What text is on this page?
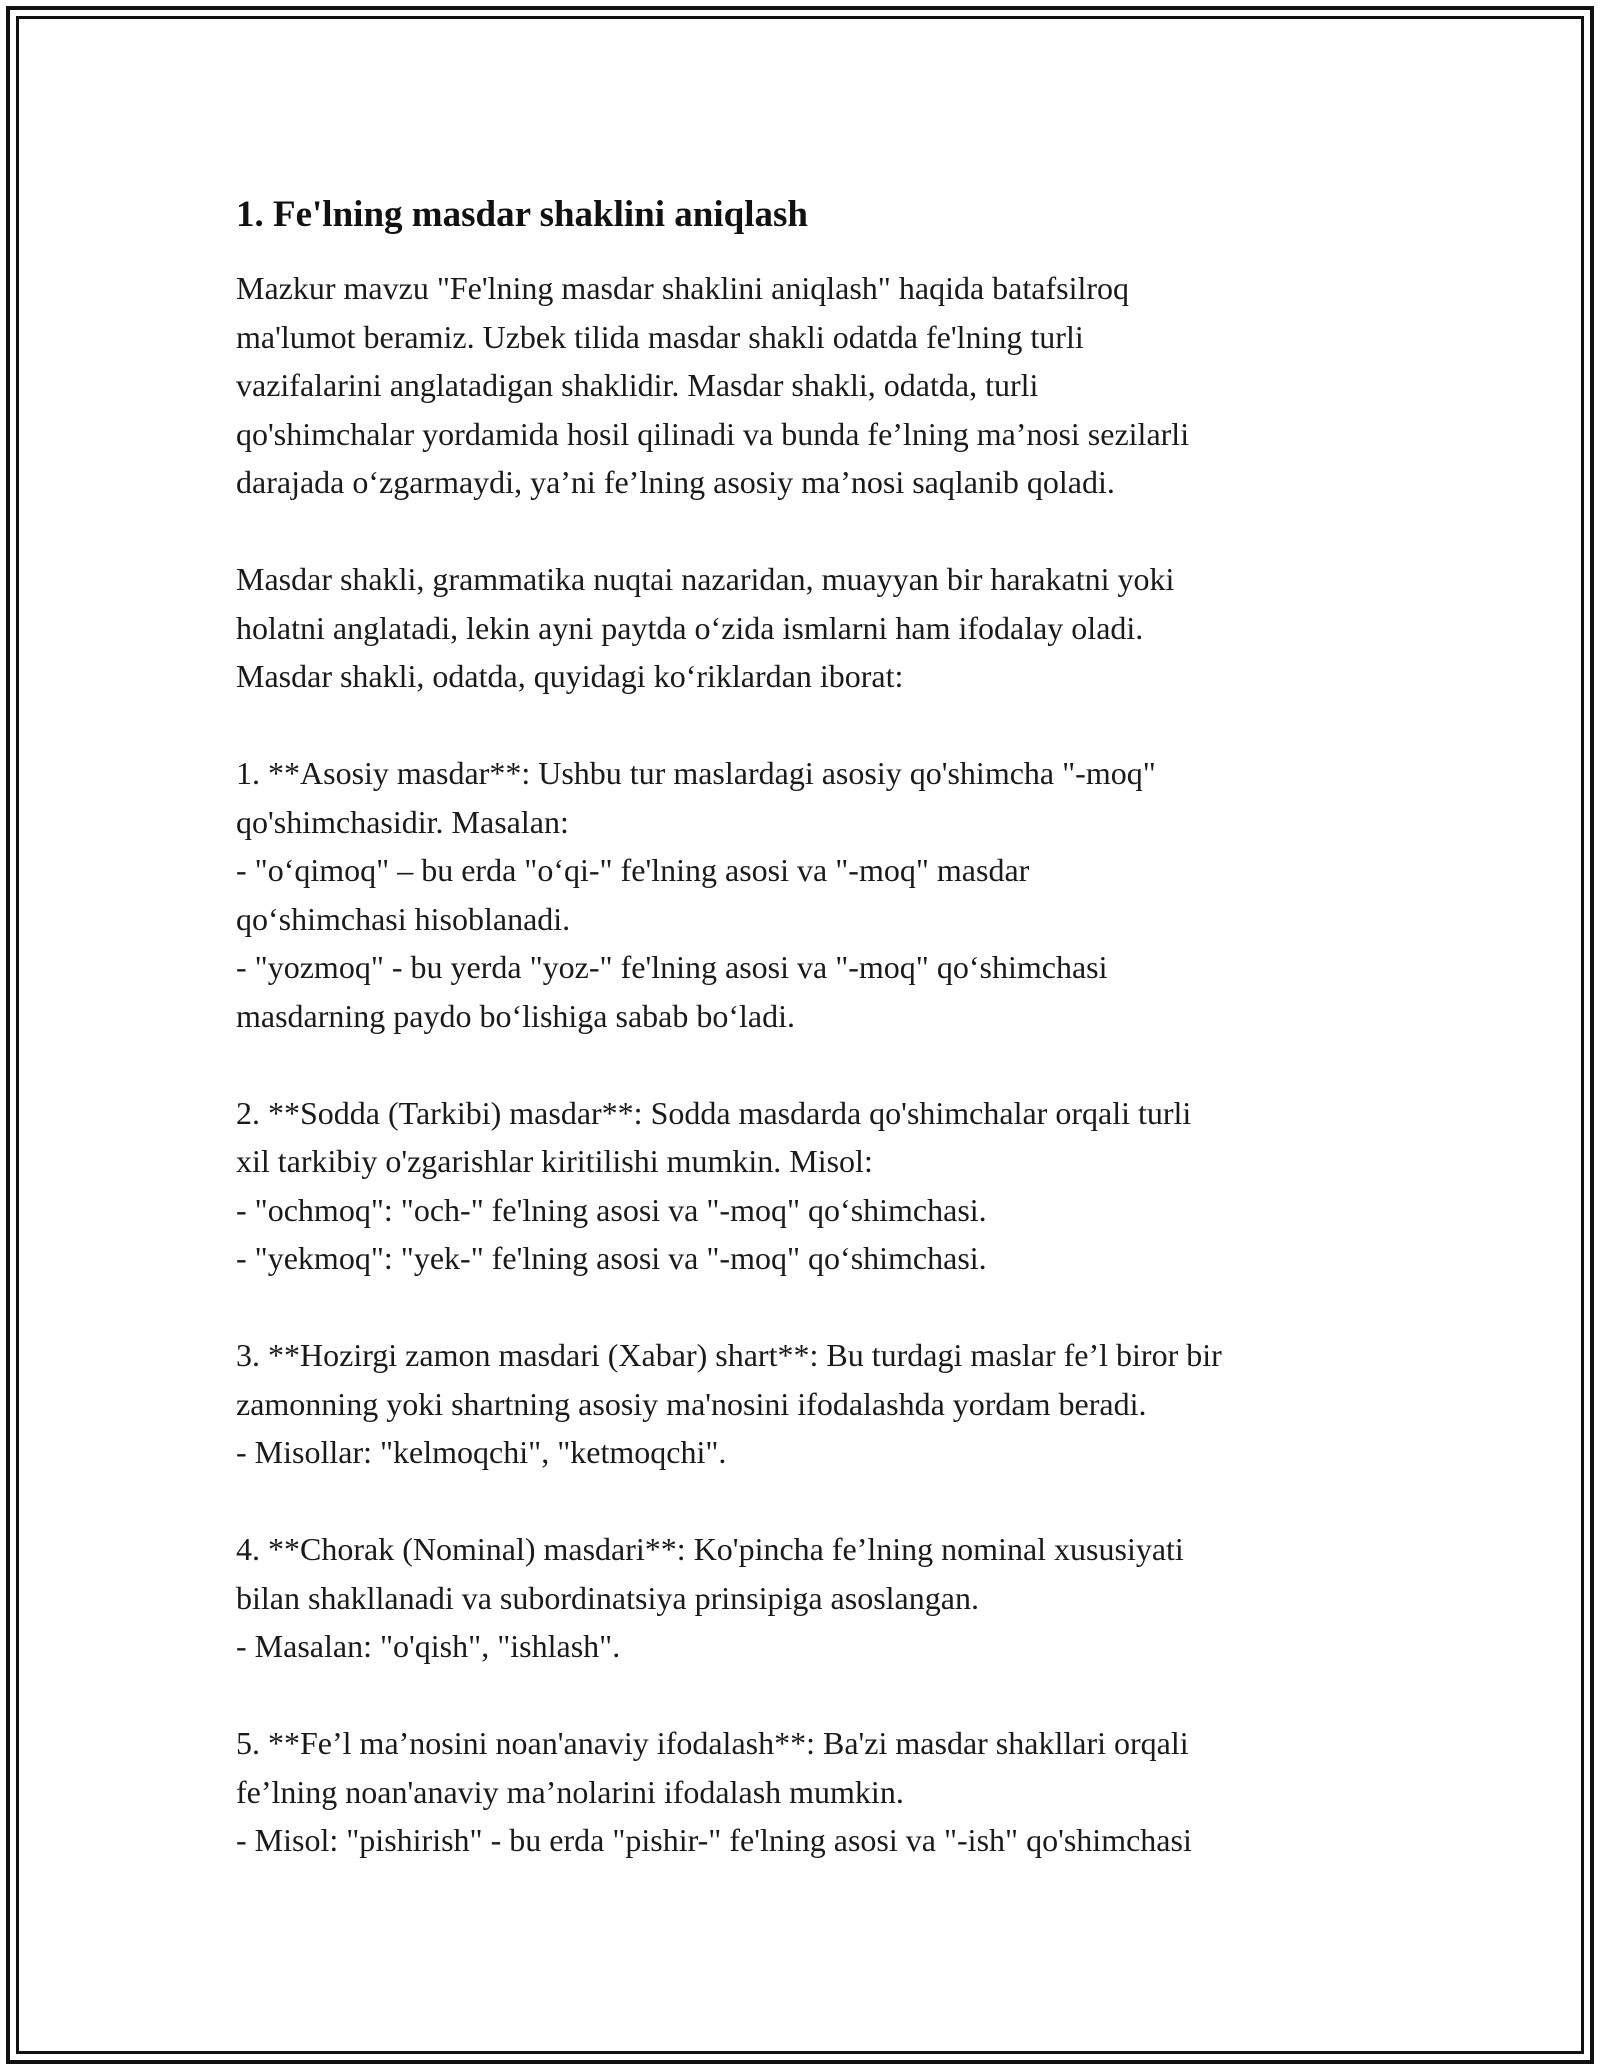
1. Fe'lning masdar shaklini aniqlash

Mazkur mavzu "Fe'lning masdar shaklini aniqlash" haqida batafsilroq
ma'lumot beramiz. Uzbek tilida masdar shakli odatda fe'lning turli
vazifalarini anglatadigan shaklidir. Masdar shakli, odatda, turli
qo'shimchalar yordamida hosil qilinadi va bunda fe’lning ma’nosi sezilarli
darajada o‘zgarmaydi, ya’ni fe’lning asosiy ma’nosi saqlanib qoladi.

Masdar shakli, grammatika nuqtai nazaridan, muayyan bir harakatni yoki
holatni anglatadi, lekin ayni paytda o‘zida ismlarni ham ifodalay oladi.
Masdar shakli, odatda, quyidagi ko‘riklardan iborat:

1. **Asosiy masdar**: Ushbu tur maslardagi asosiy qo'shimcha "-moq"
qo'shimchasidir. Masalan:
- "o‘qimoq" – bu erda "o‘qi-" fe'lning asosi va "-moq" masdar
qo‘shimchasi hisoblanadi.
- "yozmoq" - bu yerda "yoz-" fe'lning asosi va "-moq" qo‘shimchasi
masdarning paydo bo‘lishiga sabab bo‘ladi.

2. **Sodda (Tarkibi) masdar**: Sodda masdarda qo'shimchalar orqali turli
xil tarkibiy o'zgarishlar kiritilishi mumkin. Misol:
- "ochmoq": "och-" fe'lning asosi va "-moq" qo‘shimchasi.
- "yekmoq": "yek-" fe'lning asosi va "-moq" qo‘shimchasi.

3. **Hozirgi zamon masdari (Xabar) shart**: Bu turdagi maslar fe’l biror bir
zamonning yoki shartning asosiy ma'nosini ifodalashda yordam beradi.
- Misollar: "kelmoqchi", "ketmoqchi".

4. **Chorak (Nominal) masdari**: Ko'pincha fe’lning nominal xususiyati
bilan shakllanadi va subordinatsiya prinsipiga asoslangan.
- Masalan: "o'qish", "ishlash".

5. **Fe’l ma’nosini noan'anaviy ifodalash**: Ba'zi masdar shakllari orqali
fe’lning noan'anaviy ma’nolarini ifodalash mumkin.
- Misol: "pishirish" - bu erda "pishir-" fe'lning asosi va "-ish" qo'shimchasi
